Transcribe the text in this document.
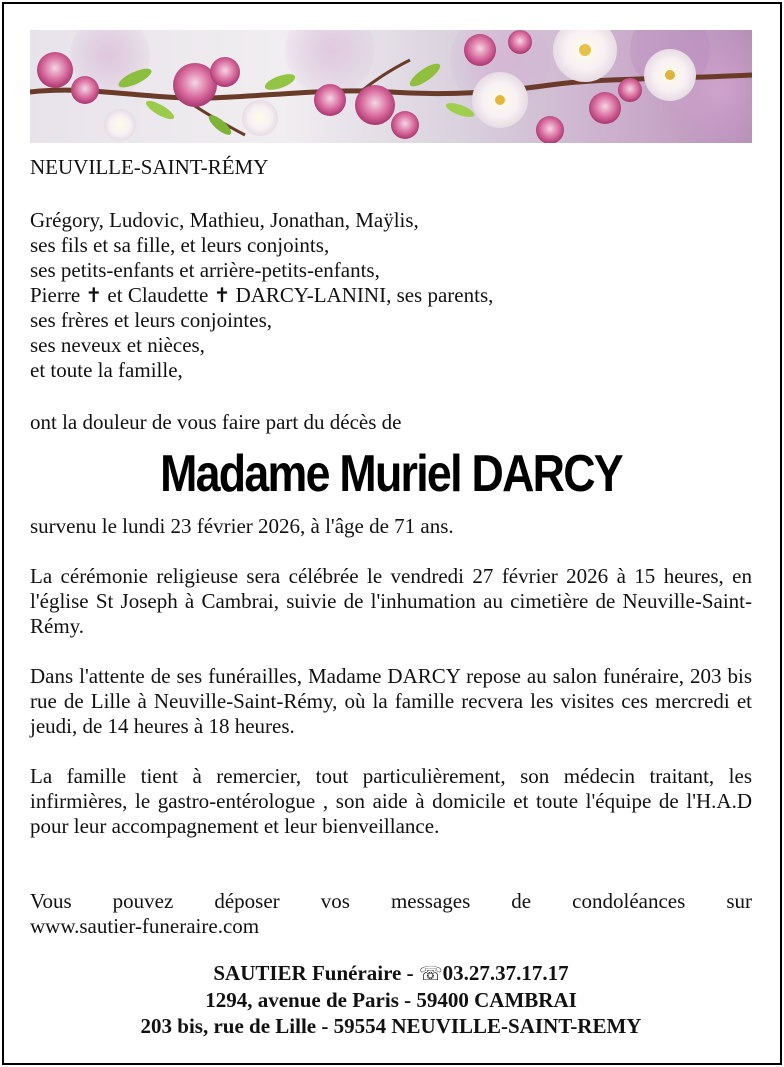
NEUVILLE-SAINT-RÉMY
Grégory, Ludovic, Mathieu, Jonathan, Maÿlis,
ses fils et sa fille, et leurs conjoints,
ses petits-enfants et arrière-petits-enfants,
Pierre ✝ et Claudette ✝ DARCY-LANINI, ses parents,
ses frères et leurs conjointes,
ses neveux et nièces,
et toute la famille,
ont la douleur de vous faire part du décès de
Madame Muriel DARCY
survenu le lundi 23 février 2026, à l'âge de 71 ans.
La cérémonie religieuse sera célébrée le vendredi 27 février 2026 à 15 heures, en l'église St Joseph à Cambrai, suivie de l'inhumation au cimetière de Neuville-Saint-Rémy.
Dans l'attente de ses funérailles, Madame DARCY repose au salon funéraire, 203 bis rue de Lille à Neuville-Saint-Rémy, où la famille recvera les visites ces mercredi et jeudi, de 14 heures à 18 heures.
La famille tient à remercier, tout particulièrement, son médecin traitant, les infirmières, le gastro-entérologue , son aide à domicile et toute l'équipe de l'H.A.D pour leur accompagnement et leur bienveillance.
Vous pouvez déposer vos messages de condoléances sur
www.sautier-funeraire.com
SAUTIER Funéraire - ☏03.27.37.17.17
1294, avenue de Paris - 59400 CAMBRAI
203 bis, rue de Lille - 59554 NEUVILLE-SAINT-REMY
